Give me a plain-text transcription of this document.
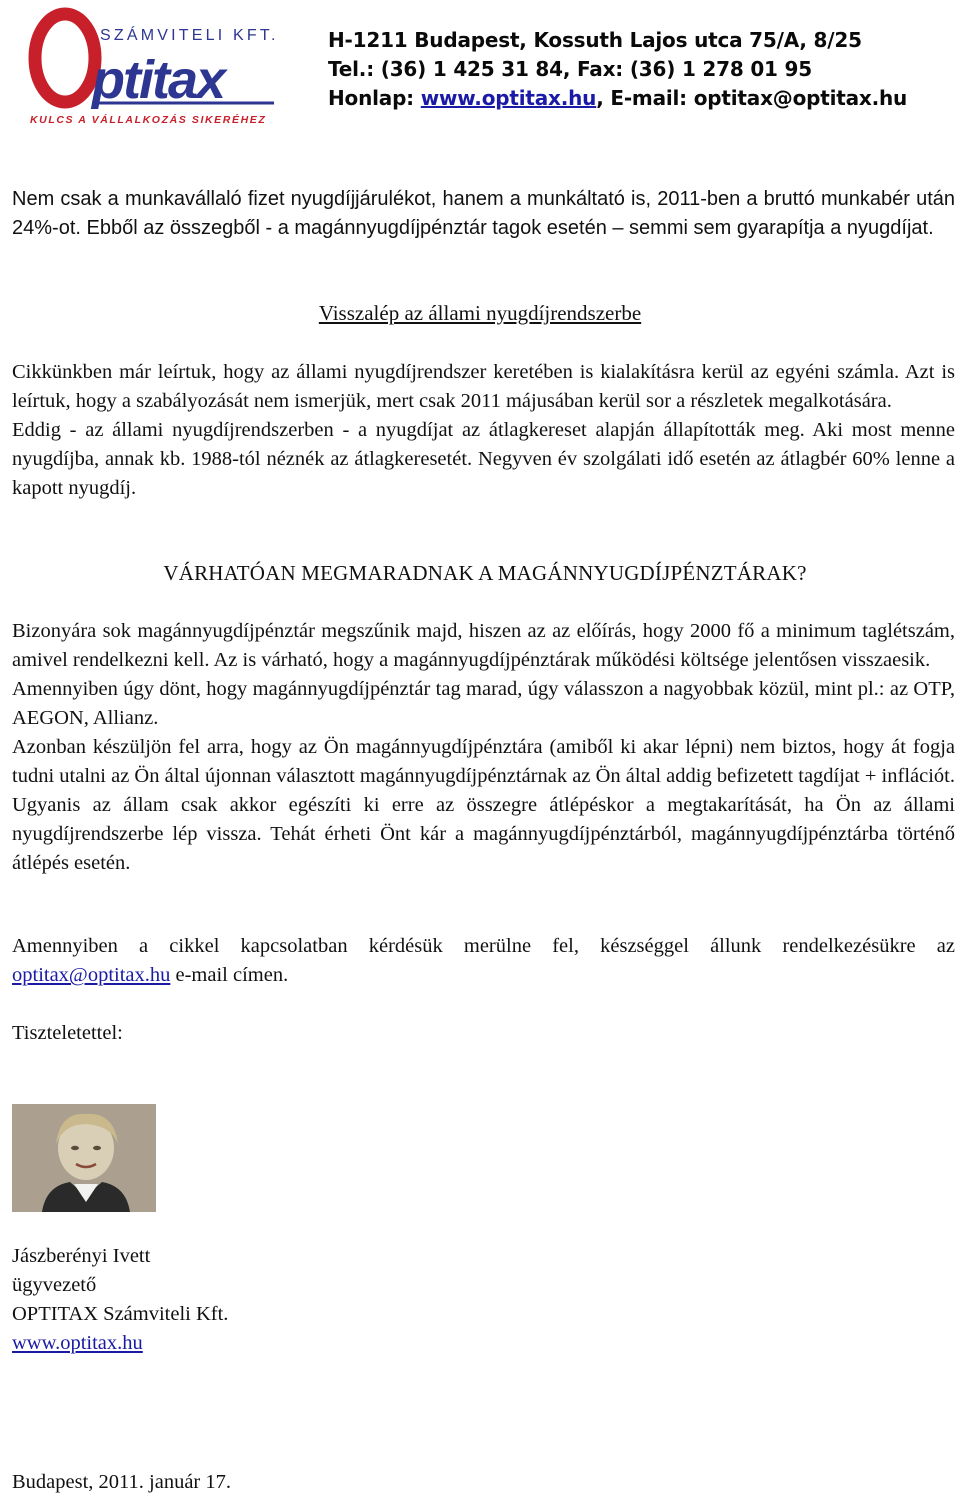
SZÁMVITELI KFT.
ptitax
KULCS A VÁLLALKOZÁS SIKERÉHEZ
H-1211 Budapest, Kossuth Lajos utca 75/A, 8/25
Tel.: (36) 1 425 31 84, Fax: (36) 1 278 01 95
Honlap: www.optitax.hu, E-mail: optitax@optitax.hu

Nem csak a munkavállaló fizet nyugdíjjárulékot, hanem a munkáltató is, 2011-ben a bruttó munkabér után 24%-ot. Ebből az összegből - a magánnyugdíjpénztár tagok esetén – semmi sem gyarapítja a nyugdíjat.

Visszalép az állami nyugdíjrendszerbe

Cikkünkben már leírtuk, hogy az állami nyugdíjrendszer keretében is kialakításra kerül az egyéni számla. Azt is leírtuk, hogy a szabályozását nem ismerjük, mert csak 2011 májusában kerül sor a részletek megalkotására.

Eddig - az állami nyugdíjrendszerben - a nyugdíjat az átlagkereset alapján állapították meg. Aki most menne nyugdíjba, annak kb. 1988-tól néznék az átlagkeresetét. Negyven év szolgálati idő esetén az átlagbér 60% lenne a kapott nyugdíj.

VÁRHATÓAN MEGMARADNAK A MAGÁNNYUGDÍJPÉNZTÁRAK?

Bizonyára sok magánnyugdíjpénztár megszűnik majd, hiszen az az előírás, hogy 2000 fő a minimum taglétszám, amivel rendelkezni kell. Az is várható, hogy a magánnyugdíjpénztárak működési költsége jelentősen visszaesik.

Amennyiben úgy dönt, hogy magánnyugdíjpénztár tag marad, úgy válasszon a nagyobbak közül, mint pl.: az OTP, AEGON, Allianz.

Azonban készüljön fel arra, hogy az Ön magánnyugdíjpénztára (amiből ki akar lépni) nem biztos, hogy át fogja tudni utalni az Ön által újonnan választott magánnyugdíjpénztárnak az Ön által addig befizetett tagdíjat + inflációt. Ugyanis az állam csak akkor egészíti ki erre az összegre átlépéskor a megtakarítását, ha Ön az állami nyugdíjrendszerbe lép vissza. Tehát érheti Önt kár a magánnyugdíjpénztárból, magánnyugdíjpénztárba történő átlépés esetén.

Amennyiben a cikkel kapcsolatban kérdésük merülne fel, készséggel állunk rendelkezésükre az optitax@optitax.hu e-mail címen.

Tiszteletettel:
Jászberényi Ivett
ügyvezető
OPTITAX Számviteli Kft.
www.optitax.hu
Budapest, 2011. január 17.
